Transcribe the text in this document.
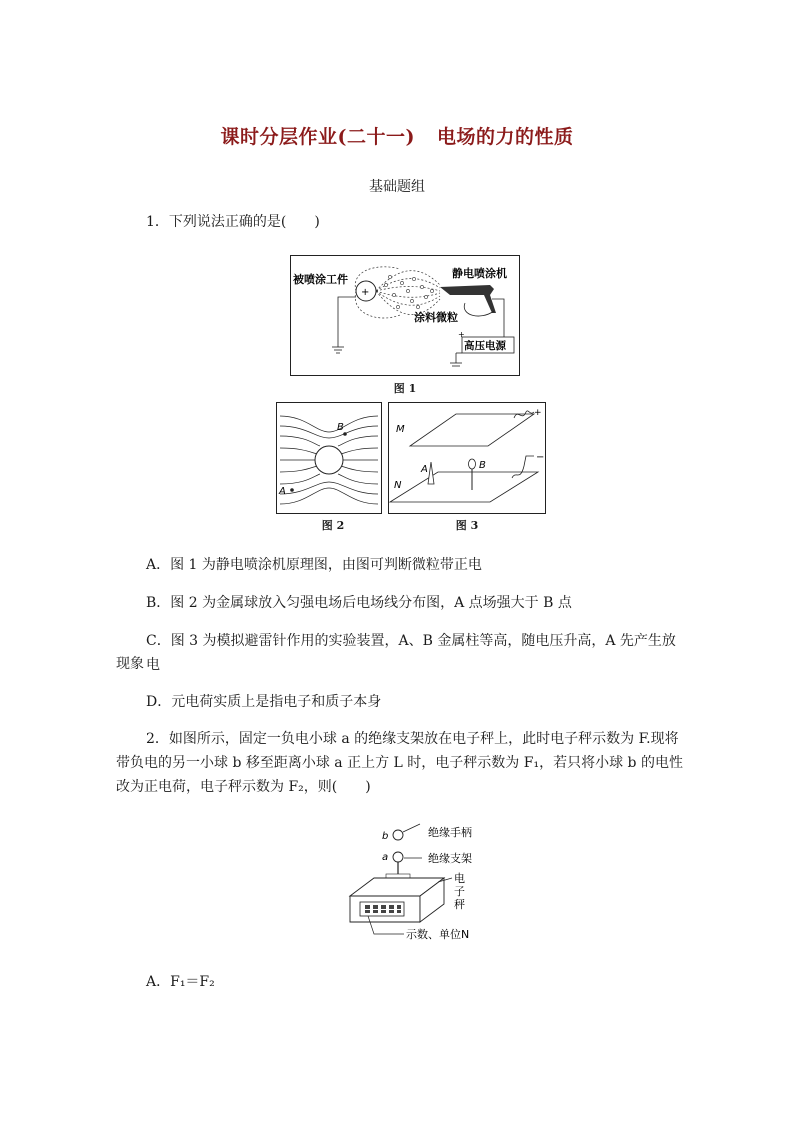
课时分层作业(二十一) 电场的力的性质
基础题组
1．下列说法正确的是(　　)
+
静电喷涂机
被喷涂工件
涂料微粒
高压电源
+
图 1
B
A
图 2
M
N
+
−
A	B
图 3
A．图 1 为静电喷涂机原理图，由图可判断微粒带正电
B．图 2 为金属球放入匀强电场后电场线分布图，A 点场强大于 B 点
C．图 3 为模拟避雷针作用的实验装置，A、B 金属柱等高，随电压升高，A 先产生放电
现象
D．元电荷实质上是指电子和质子本身
2．如图所示，固定一负电小球 a 的绝缘支架放在电子秤上，此时电子秤示数为 F.现将
带负电的另一小球 b 移至距离小球 a 正上方 L 时，电子秤示数为 F₁，若只将小球 b 的电性
改为正电荷，电子秤示数为 F₂，则(　　)
b	绝缘手柄
a	绝缘支架
电
子
秤
示数、单位N
A．F₁＝F₂
